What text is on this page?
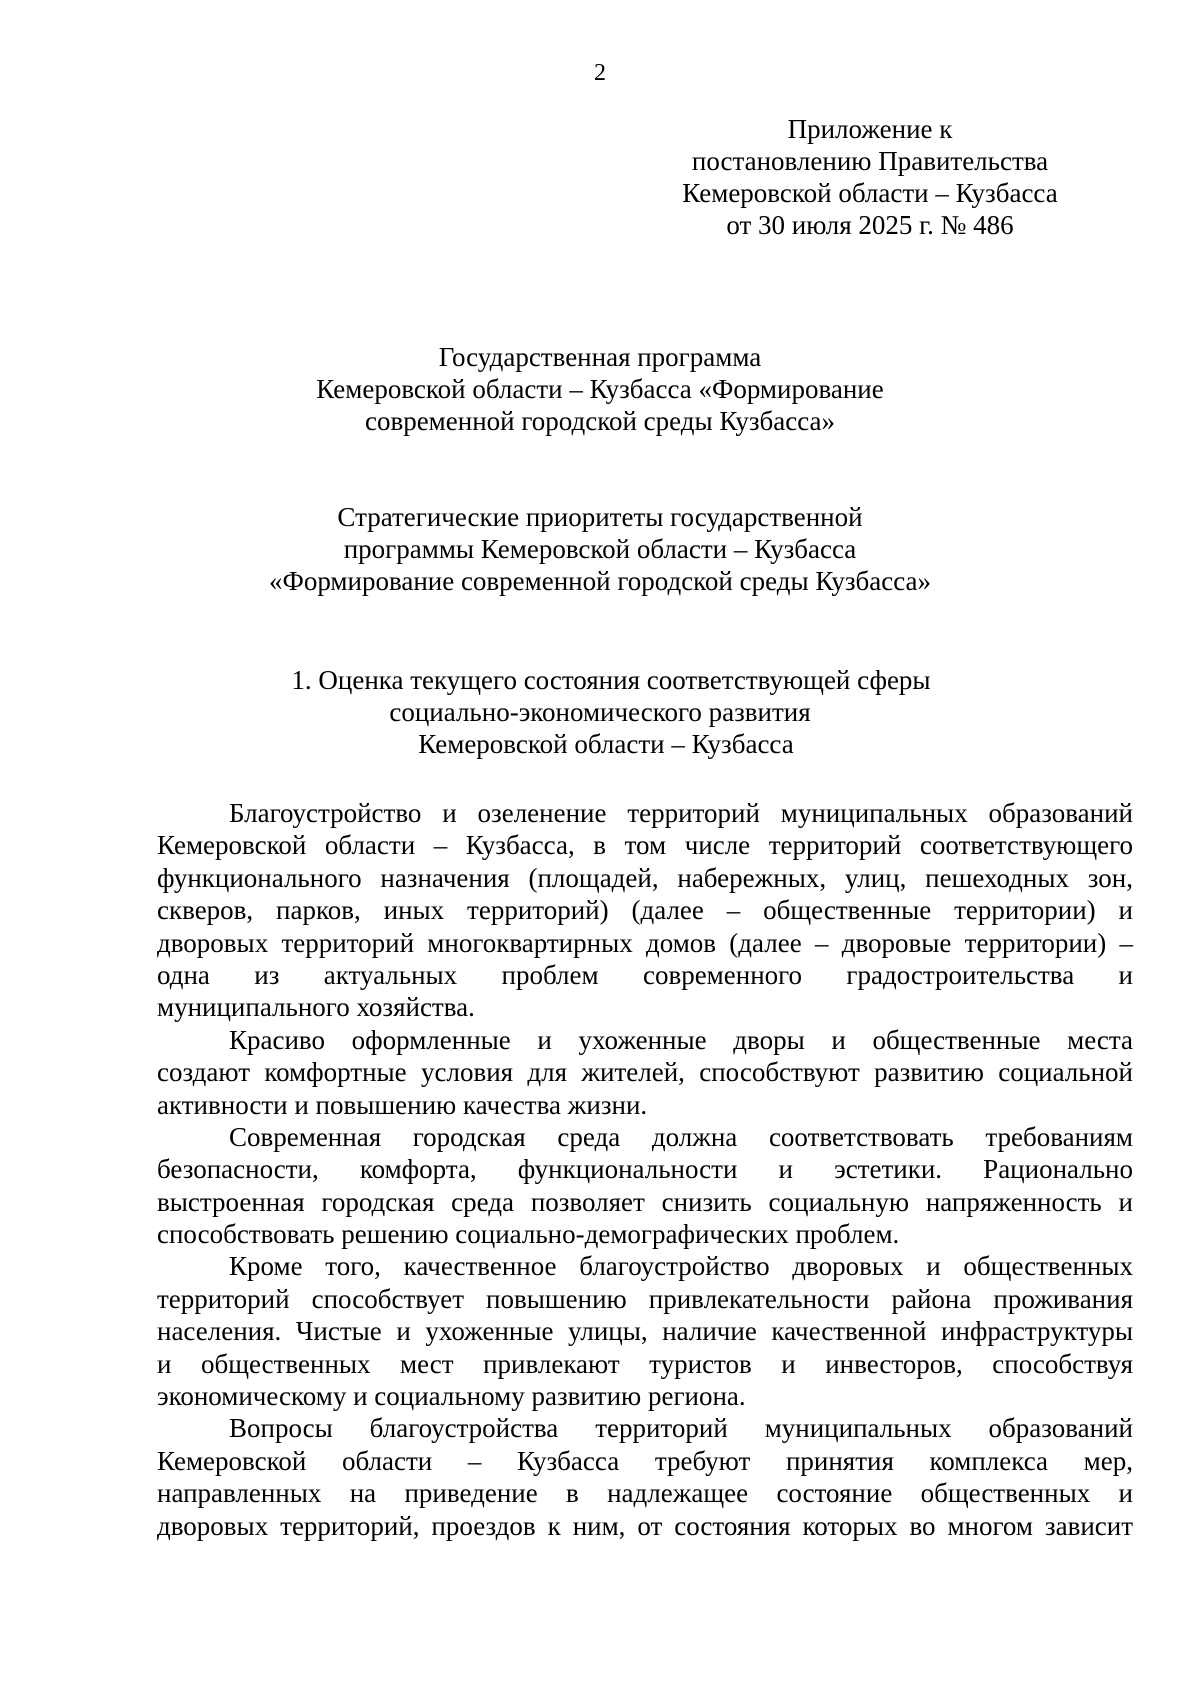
2
Приложение к
постановлению Правительства
Кемеровской области – Кузбасса
от 30 июля 2025 г. № 486
Государственная программа
Кемеровской области – Кузбасса «Формирование
современной городской среды Кузбасса»
Стратегические приоритеты государственной
программы Кемеровской области – Кузбасса
«Формирование современной городской среды Кузбасса»
1. Оценка текущего состояния соответствующей сферы
социально-экономического развития
Кемеровской области – Кузбасса
Благоустройство и озеленение территорий муниципальных образований
Кемеровской области – Кузбасса, в том числе территорий соответствующего
функционального назначения (площадей, набережных, улиц, пешеходных зон,
скверов, парков, иных территорий) (далее – общественные территории) и
дворовых территорий многоквартирных домов (далее – дворовые территории) –
одна из актуальных проблем современного градостроительства и
муниципального хозяйства.
Красиво оформленные и ухоженные дворы и общественные места
создают комфортные условия для жителей, способствуют развитию социальной
активности и повышению качества жизни.
Современная городская среда должна соответствовать требованиям
безопасности, комфорта, функциональности и эстетики. Рационально
выстроенная городская среда позволяет снизить социальную напряженность и
способствовать решению социально-демографических проблем.
Кроме того, качественное благоустройство дворовых и общественных
территорий способствует повышению привлекательности района проживания
населения. Чистые и ухоженные улицы, наличие качественной инфраструктуры
и общественных мест привлекают туристов и инвесторов, способствуя
экономическому и социальному развитию региона.
Вопросы благоустройства территорий муниципальных образований
Кемеровской области – Кузбасса требуют принятия комплекса мер,
направленных на приведение в надлежащее состояние общественных и
дворовых территорий, проездов к ним, от состояния которых во многом зависит
